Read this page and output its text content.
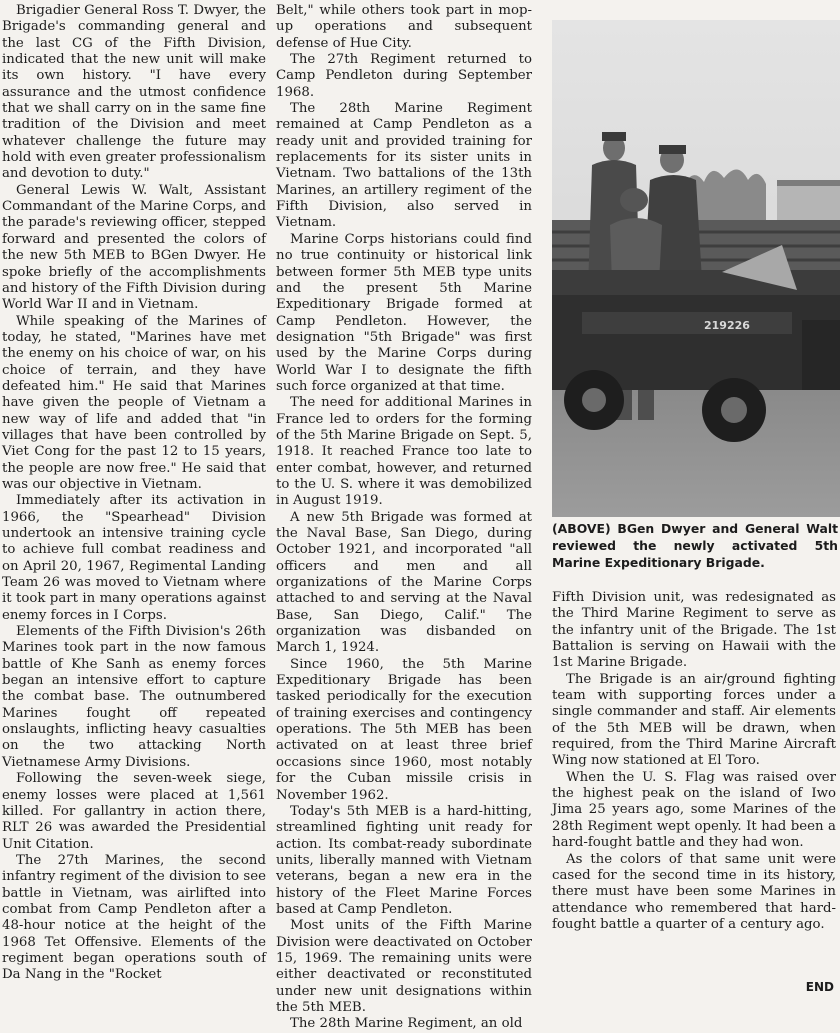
Brigadier General Ross T. Dwyer, the Brigade's commanding general and the last CG of the Fifth Division, indicated that the new unit will make its own history. "I have every assurance and the utmost confidence that we shall carry on in the same fine tradition of the Division and meet whatever challenge the future may hold with even greater professionalism and devotion to duty."

General Lewis W. Walt, Assistant Commandant of the Marine Corps, and the parade's reviewing officer, stepped forward and presented the colors of the new 5th MEB to BGen Dwyer. He spoke briefly of the accomplishments and history of the Fifth Division during World War II and in Vietnam.

While speaking of the Marines of today, he stated, "Marines have met the enemy on his choice of war, on his choice of terrain, and they have defeated him." He said that Marines have given the people of Vietnam a new way of life and added that "in villages that have been controlled by Viet Cong for the past 12 to 15 years, the people are now free." He said that was our objective in Vietnam.

Immediately after its activation in 1966, the "Spearhead" Division undertook an intensive training cycle to achieve full combat readiness and on April 20, 1967, Regimental Landing Team 26 was moved to Vietnam where it took part in many operations against enemy forces in I Corps.

Elements of the Fifth Division's 26th Marines took part in the now famous battle of Khe Sanh as enemy forces began an intensive effort to capture the combat base. The outnumbered Marines fought off repeated onslaughts, inflicting heavy casualties on the two attacking North Vietnamese Army Divisions.

Following the seven-week siege, enemy losses were placed at 1,561 killed. For gallantry in action there, RLT 26 was awarded the Presidential Unit Citation.

The 27th Marines, the second infantry regiment of the division to see battle in Vietnam, was airlifted into combat from Camp Pendleton after a 48-hour notice at the height of the 1968 Tet Offensive. Elements of the regiment began operations south of Da Nang in the "Rocket

Belt," while others took part in mop-up operations and subsequent defense of Hue City.

The 27th Regiment returned to Camp Pendleton during September 1968.

The 28th Marine Regiment remained at Camp Pendleton as a ready unit and provided training for replacements for its sister units in Vietnam. Two battalions of the 13th Marines, an artillery regiment of the Fifth Division, also served in Vietnam.

Marine Corps historians could find no true continuity or historical link between former 5th MEB type units and the present 5th Marine Expeditionary Brigade formed at Camp Pendleton. However, the designation "5th Brigade" was first used by the Marine Corps during World War I to designate the fifth such force organized at that time.

The need for additional Marines in France led to orders for the forming of the 5th Marine Brigade on Sept. 5, 1918. It reached France too late to enter combat, however, and returned to the U. S. where it was demobilized in August 1919.

A new 5th Brigade was formed at the Naval Base, San Diego, during October 1921, and incorporated "all officers and men and all organizations of the Marine Corps attached to and serving at the Naval Base, San Diego, Calif." The organization was disbanded on March 1, 1924.

Since 1960, the 5th Marine Expeditionary Brigade has been tasked periodically for the execution of training exercises and contingency operations. The 5th MEB has been activated on at least three brief occasions since 1960, most notably for the Cuban missile crisis in November 1962.

Today's 5th MEB is a hard-hitting, streamlined fighting unit ready for action. Its combat-ready subordinate units, liberally manned with Vietnam veterans, began a new era in the history of the Fleet Marine Forces based at Camp Pendleton.

Most units of the Fifth Marine Division were deactivated on October 15, 1969. The remaining units were either deactivated or reconstituted under new unit designations within the 5th MEB.

The 28th Marine Regiment, an old

219226
(ABOVE) BGen Dwyer and General Walt reviewed the newly activated 5th Marine Expeditionary Brigade.

Fifth Division unit, was redesignated as the Third Marine Regiment to serve as the infantry unit of the Brigade. The 1st Battalion is serving on Hawaii with the 1st Marine Brigade.

The Brigade is an air/ground fighting team with supporting forces under a single commander and staff. Air elements of the 5th MEB will be drawn, when required, from the Third Marine Aircraft Wing now stationed at El Toro.

When the U. S. Flag was raised over the highest peak on the island of Iwo Jima 25 years ago, some Marines of the 28th Regiment wept openly. It had been a hard-fought battle and they had won.

As the colors of that same unit were cased for the second time in its history, there must have been some Marines in attendance who remembered that hard-fought battle a quarter of a century ago.

END
